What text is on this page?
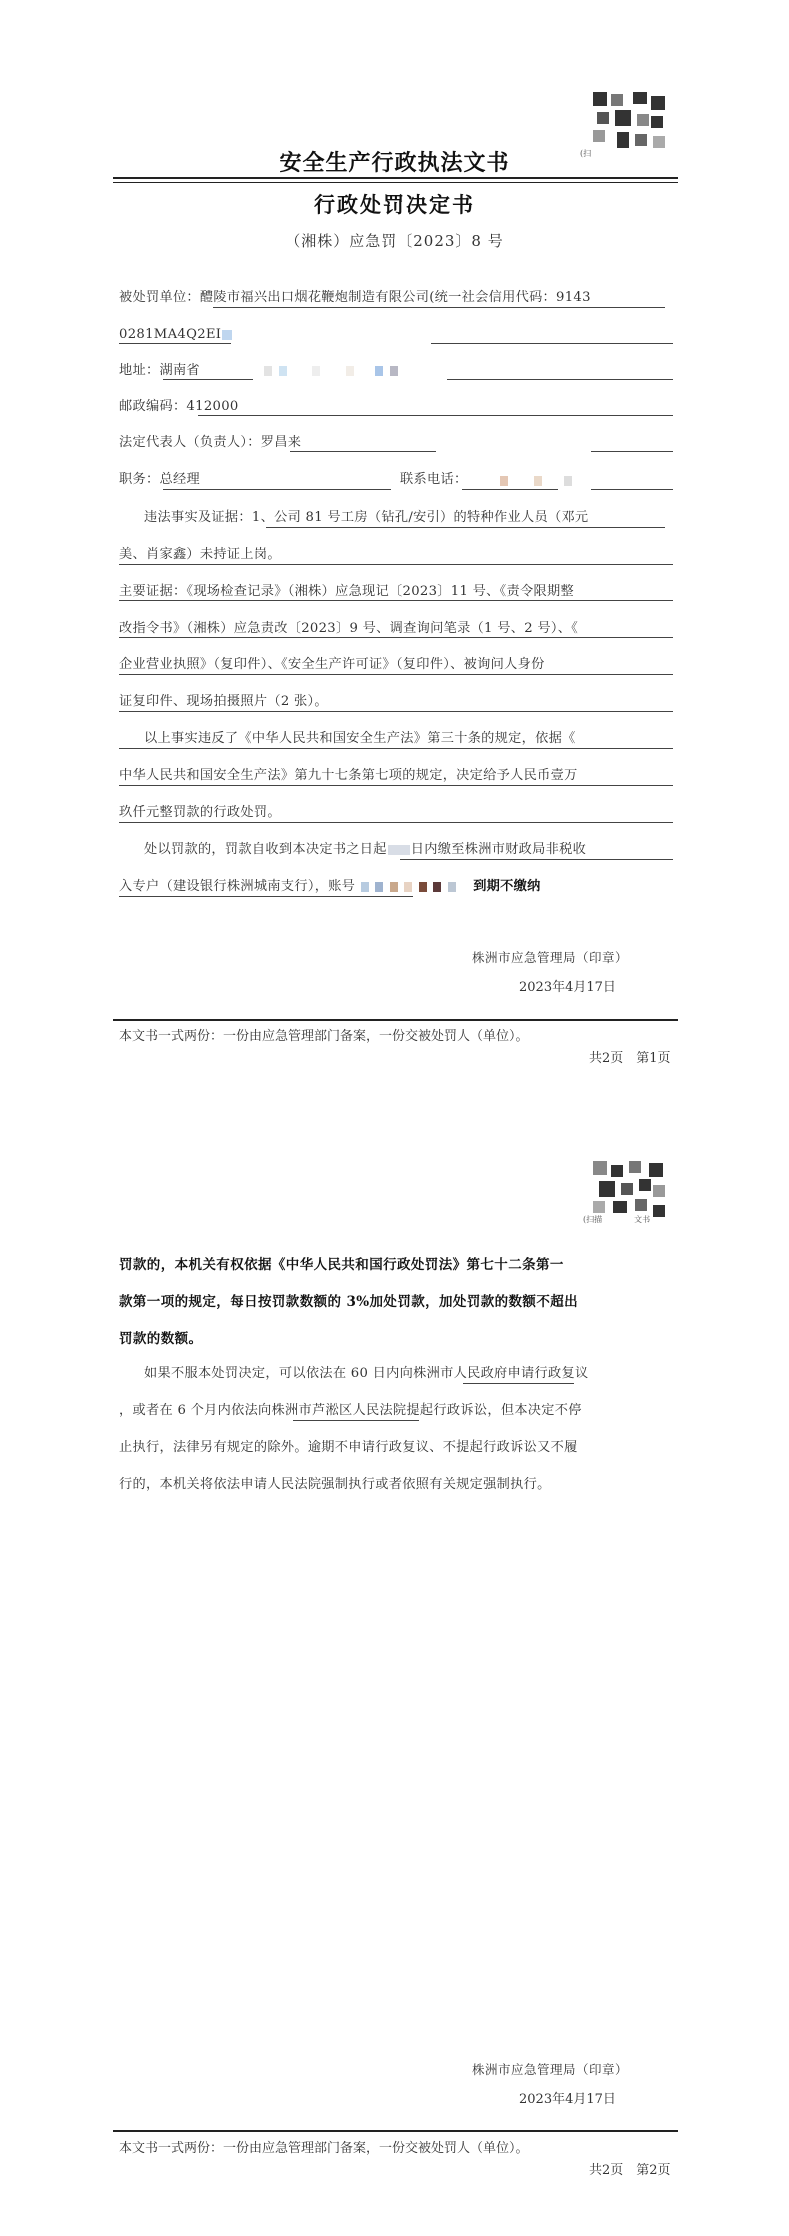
(扫
安全生产行政执法文书
行政处罚决定书
（湘株）应急罚〔2023〕8 号
被处罚单位：醴陵市福兴出口烟花鞭炮制造有限公司(统一社会信用代码：9143
0281MA4Q2EI
地址：湖南省
邮政编码：412000
法定代表人（负责人）：罗昌来
职务：总经理	联系电话：
违法事实及证据：1、公司 81 号工房（钻孔/安引）的特种作业人员（邓元
美、肖家鑫）未持证上岗。
主要证据：《现场检查记录》（湘株）应急现记〔2023〕11 号、《责令限期整
改指令书》（湘株）应急责改〔2023〕9 号、调查询问笔录（1 号、2 号）、《
企业营业执照》（复印件）、《安全生产许可证》（复印件）、被询问人身份
证复印件、现场拍摄照片（2 张）。
以上事实违反了《中华人民共和国安全生产法》第三十条的规定，依据《
中华人民共和国安全生产法》第九十七条第七项的规定，决定给予人民币壹万
玖仟元整罚款的行政处罚。
处以罚款的，罚款自收到本决定书之日起 日内缴至株洲市财政局非税收
入专户（建设银行株洲城南支行），账号	到期不缴纳
株洲市应急管理局（印章）
2023年4月17日
本文书一式两份：一份由应急管理部门备案，一份交被处罚人（单位）。
共2页　第1页
(扫描　　　　文书
罚款的，本机关有权依据《中华人民共和国行政处罚法》第七十二条第一
款第一项的规定，每日按罚款数额的 3%加处罚款，加处罚款的数额不超出
罚款的数额。
如果不服本处罚决定，可以依法在 60 日内向株洲市人民政府申请行政复议
，或者在 6 个月内依法向株洲市芦淞区人民法院提起行政诉讼，但本决定不停
止执行，法律另有规定的除外。逾期不申请行政复议、不提起行政诉讼又不履
行的，本机关将依法申请人民法院强制执行或者依照有关规定强制执行。
株洲市应急管理局（印章）
2023年4月17日
本文书一式两份：一份由应急管理部门备案，一份交被处罚人（单位）。
共2页　第2页
